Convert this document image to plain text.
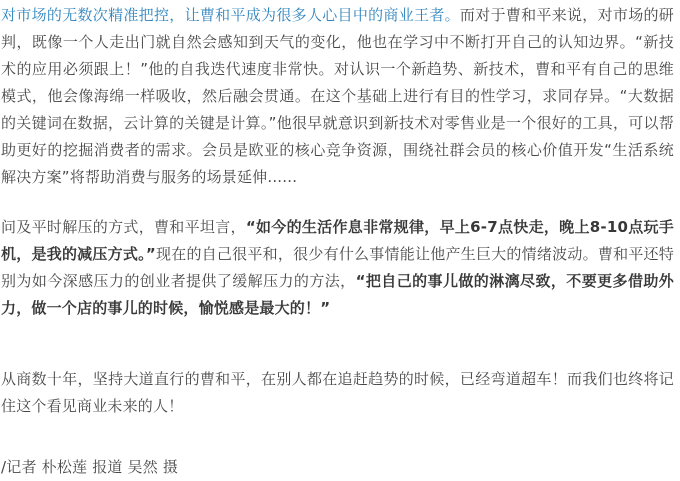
对市场的无数次精准把控，让曹和平成为很多人心目中的商业王者。而对于曹和平来说，对市场的研判，既像一个人走出门就自然会感知到天气的变化，他也在学习中不断打开自己的认知边界。“新技术的应用必须跟上！”他的自我迭代速度非常快。对认识一个新趋势、新技术，曹和平有自己的思维模式，他会像海绵一样吸收，然后融会贯通。在这个基础上进行有目的性学习，求同存异。“大数据的关键词在数据，云计算的关键是计算。”他很早就意识到新技术对零售业是一个很好的工具，可以帮助更好的挖掘消费者的需求。会员是欧亚的核心竞争资源，围绕社群会员的核心价值开发“生活系统解决方案”将帮助消费与服务的场景延伸......

问及平时解压的方式，曹和平坦言，“如今的生活作息非常规律，早上6-7点快走，晚上8-10点玩手机，是我的减压方式。”现在的自己很平和，很少有什么事情能让他产生巨大的情绪波动。曹和平还特别为如今深感压力的创业者提供了缓解压力的方法，“把自己的事儿做的淋漓尽致，不要更多借助外力，做一个店的事儿的时候，愉悦感是最大的！”

从商数十年，坚持大道直行的曹和平，在别人都在追赶趋势的时候，已经弯道超车！而我们也终将记住这个看见商业未来的人！

/记者 朴松莲 报道 吴然 摄
